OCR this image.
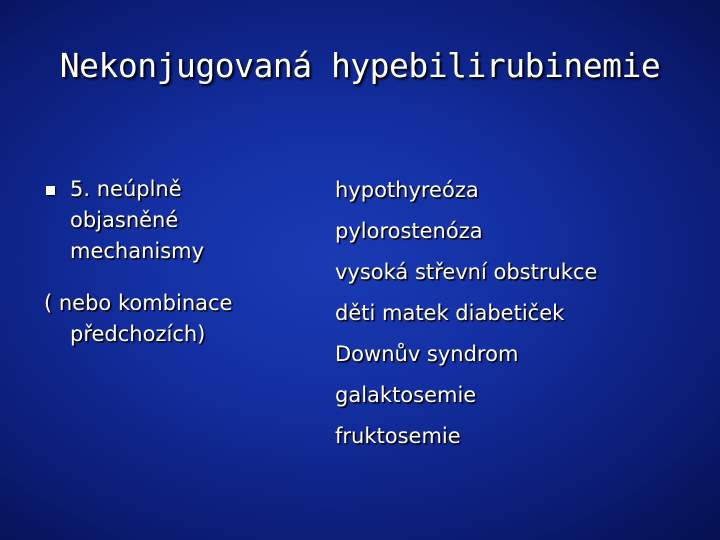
Nekonjugovaná hypebilirubinemie
5. neúplně
objasněné
mechanismy
( nebo kombinace
předchozích)
hypothyreóza
pylorostenóza
vysoká střevní obstrukce
děti matek diabetiček
Downův syndrom
galaktosemie
fruktosemie
